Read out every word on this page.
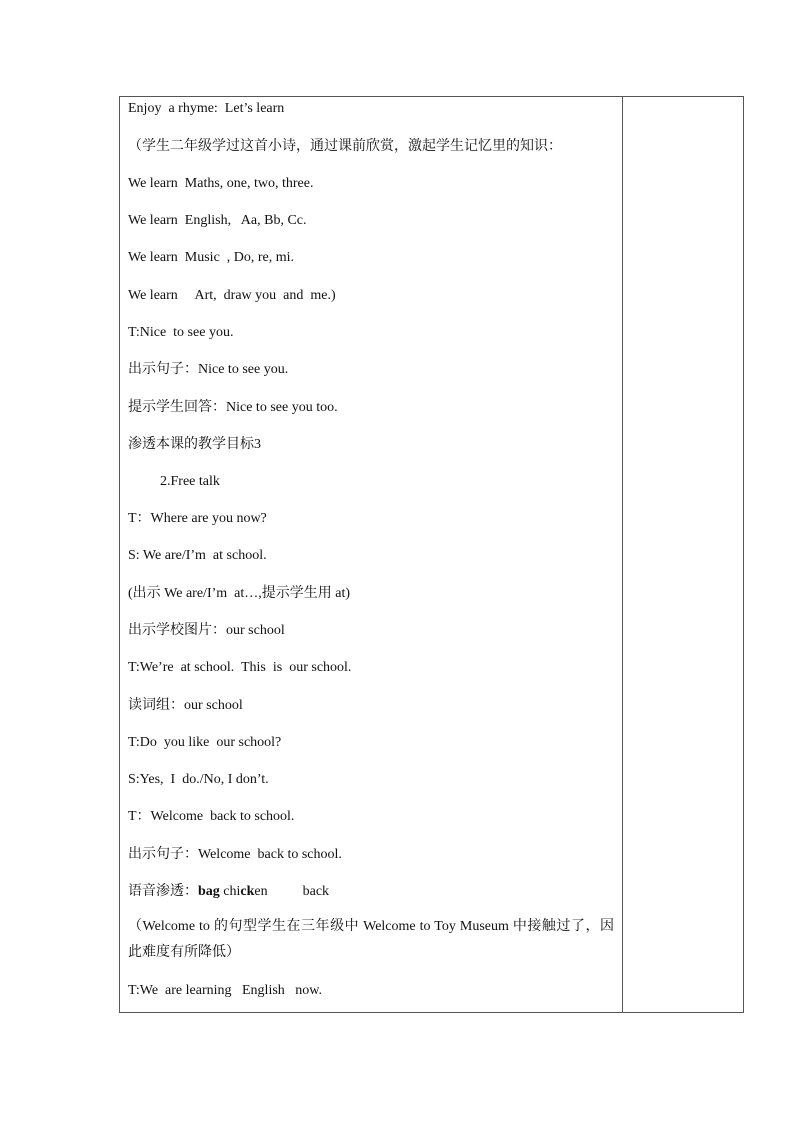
Enjoy  a rhyme:  Let’s learn
（学生二年级学过这首小诗，通过课前欣赏，激起学生记忆里的知识：
We learn  Maths, one, two, three.
We learn  English,   Aa, Bb, Cc.
We learn  Music  , Do, re, mi.
We learn     Art,  draw you  and  me.)
T:Nice  to see you.
出示句子：Nice to see you.
提示学生回答：Nice to see you too.
渗透本课的教学目标3
2.Free talk
T：Where are you now?
S: We are/I’m  at school.
(出示 We are/I’m  at…,提示学生用 at)
出示学校图片：our school
T:We’re  at school.  This  is  our school.
读词组：our school
T:Do  you like  our school?
S:Yes,  I  do./No, I don’t.
T：Welcome  back to school.
出示句子：Welcome  back to school.
语音渗透：bag chicken          back
（Welcome to 的句型学生在三年级中 Welcome to Toy Museum 中接触过了，因此难度有所降低）
T:We  are learning   English   now.
